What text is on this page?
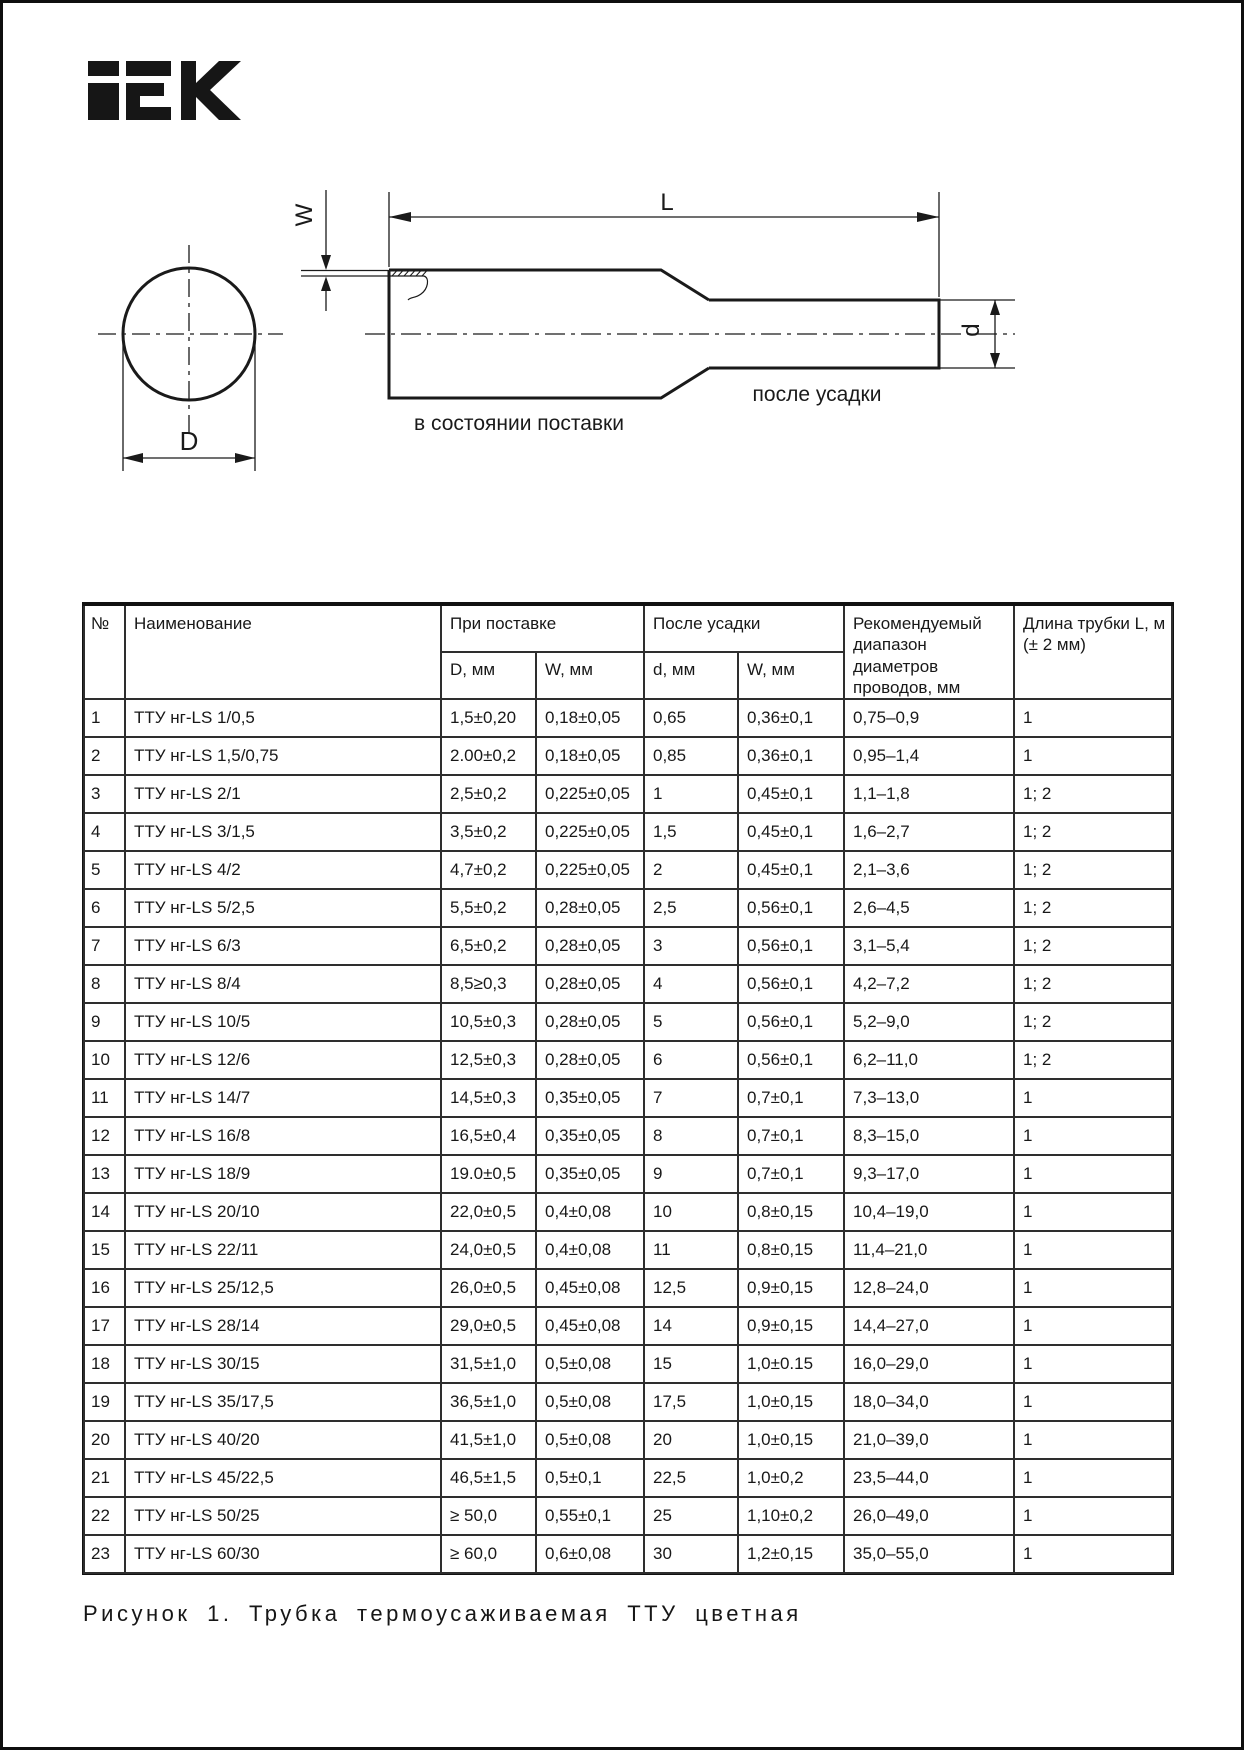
W	L
D
d
после усадки
в состоянии поставки
№	Наименование	При поставке		После усадки		Рекомендуемый диапазон диаметров проводов, мм	Длина трубки L, м
(± 2 мм)

		D, мм	W, мм	d, мм	W, мм		
1	ТТУ нг-LS 1/0,5	1,5±0,20	0,18±0,05	0,65	0,36±0,1	0,75–0,9	1
2	ТТУ нг-LS 1,5/0,75	2.00±0,2	0,18±0,05	0,85	0,36±0,1	0,95–1,4	1
3	ТТУ нг-LS 2/1	2,5±0,2	0,225±0,05	1	0,45±0,1	1,1–1,8	1; 2
4	ТТУ нг-LS 3/1,5	3,5±0,2	0,225±0,05	1,5	0,45±0,1	1,6–2,7	1; 2
5	ТТУ нг-LS 4/2	4,7±0,2	0,225±0,05	2	0,45±0,1	2,1–3,6	1; 2
6	ТТУ нг-LS 5/2,5	5,5±0,2	0,28±0,05	2,5	0,56±0,1	2,6–4,5	1; 2
7	ТТУ нг-LS 6/3	6,5±0,2	0,28±0,05	3	0,56±0,1	3,1–5,4	1; 2
8	ТТУ нг-LS 8/4	8,5≥0,3	0,28±0,05	4	0,56±0,1	4,2–7,2	1; 2
9	ТТУ нг-LS 10/5	10,5±0,3	0,28±0,05	5	0,56±0,1	5,2–9,0	1; 2
10	ТТУ нг-LS 12/6	12,5±0,3	0,28±0,05	6	0,56±0,1	6,2–11,0	1; 2
11	ТТУ нг-LS 14/7	14,5±0,3	0,35±0,05	7	0,7±0,1	7,3–13,0	1
12	ТТУ нг-LS 16/8	16,5±0,4	0,35±0,05	8	0,7±0,1	8,3–15,0	1
13	ТТУ нг-LS 18/9	19.0±0,5	0,35±0,05	9	0,7±0,1	9,3–17,0	1
14	ТТУ нг-LS 20/10	22,0±0,5	0,4±0,08	10	0,8±0,15	10,4–19,0	1
15	ТТУ нг-LS 22/11	24,0±0,5	0,4±0,08	11	0,8±0,15	11,4–21,0	1
16	ТТУ нг-LS 25/12,5	26,0±0,5	0,45±0,08	12,5	0,9±0,15	12,8–24,0	1
17	ТТУ нг-LS 28/14	29,0±0,5	0,45±0,08	14	0,9±0,15	14,4–27,0	1
18	ТТУ нг-LS 30/15	31,5±1,0	0,5±0,08	15	1,0±0.15	16,0–29,0	1
19	ТТУ нг-LS 35/17,5	36,5±1,0	0,5±0,08	17,5	1,0±0,15	18,0–34,0	1
20	ТТУ нг-LS 40/20	41,5±1,0	0,5±0,08	20	1,0±0,15	21,0–39,0	1
21	ТТУ нг-LS 45/22,5	46,5±1,5	0,5±0,1	22,5	1,0±0,2	23,5–44,0	1
22	ТТУ нг-LS 50/25	≥ 50,0	0,55±0,1	25	1,10±0,2	26,0–49,0	1
23	ТТУ нг-LS 60/30	≥ 60,0	0,6±0,08	30	1,2±0,15	35,0–55,0	1
Рисунок 1. Трубка термоусаживаемая ТТУ цветная
